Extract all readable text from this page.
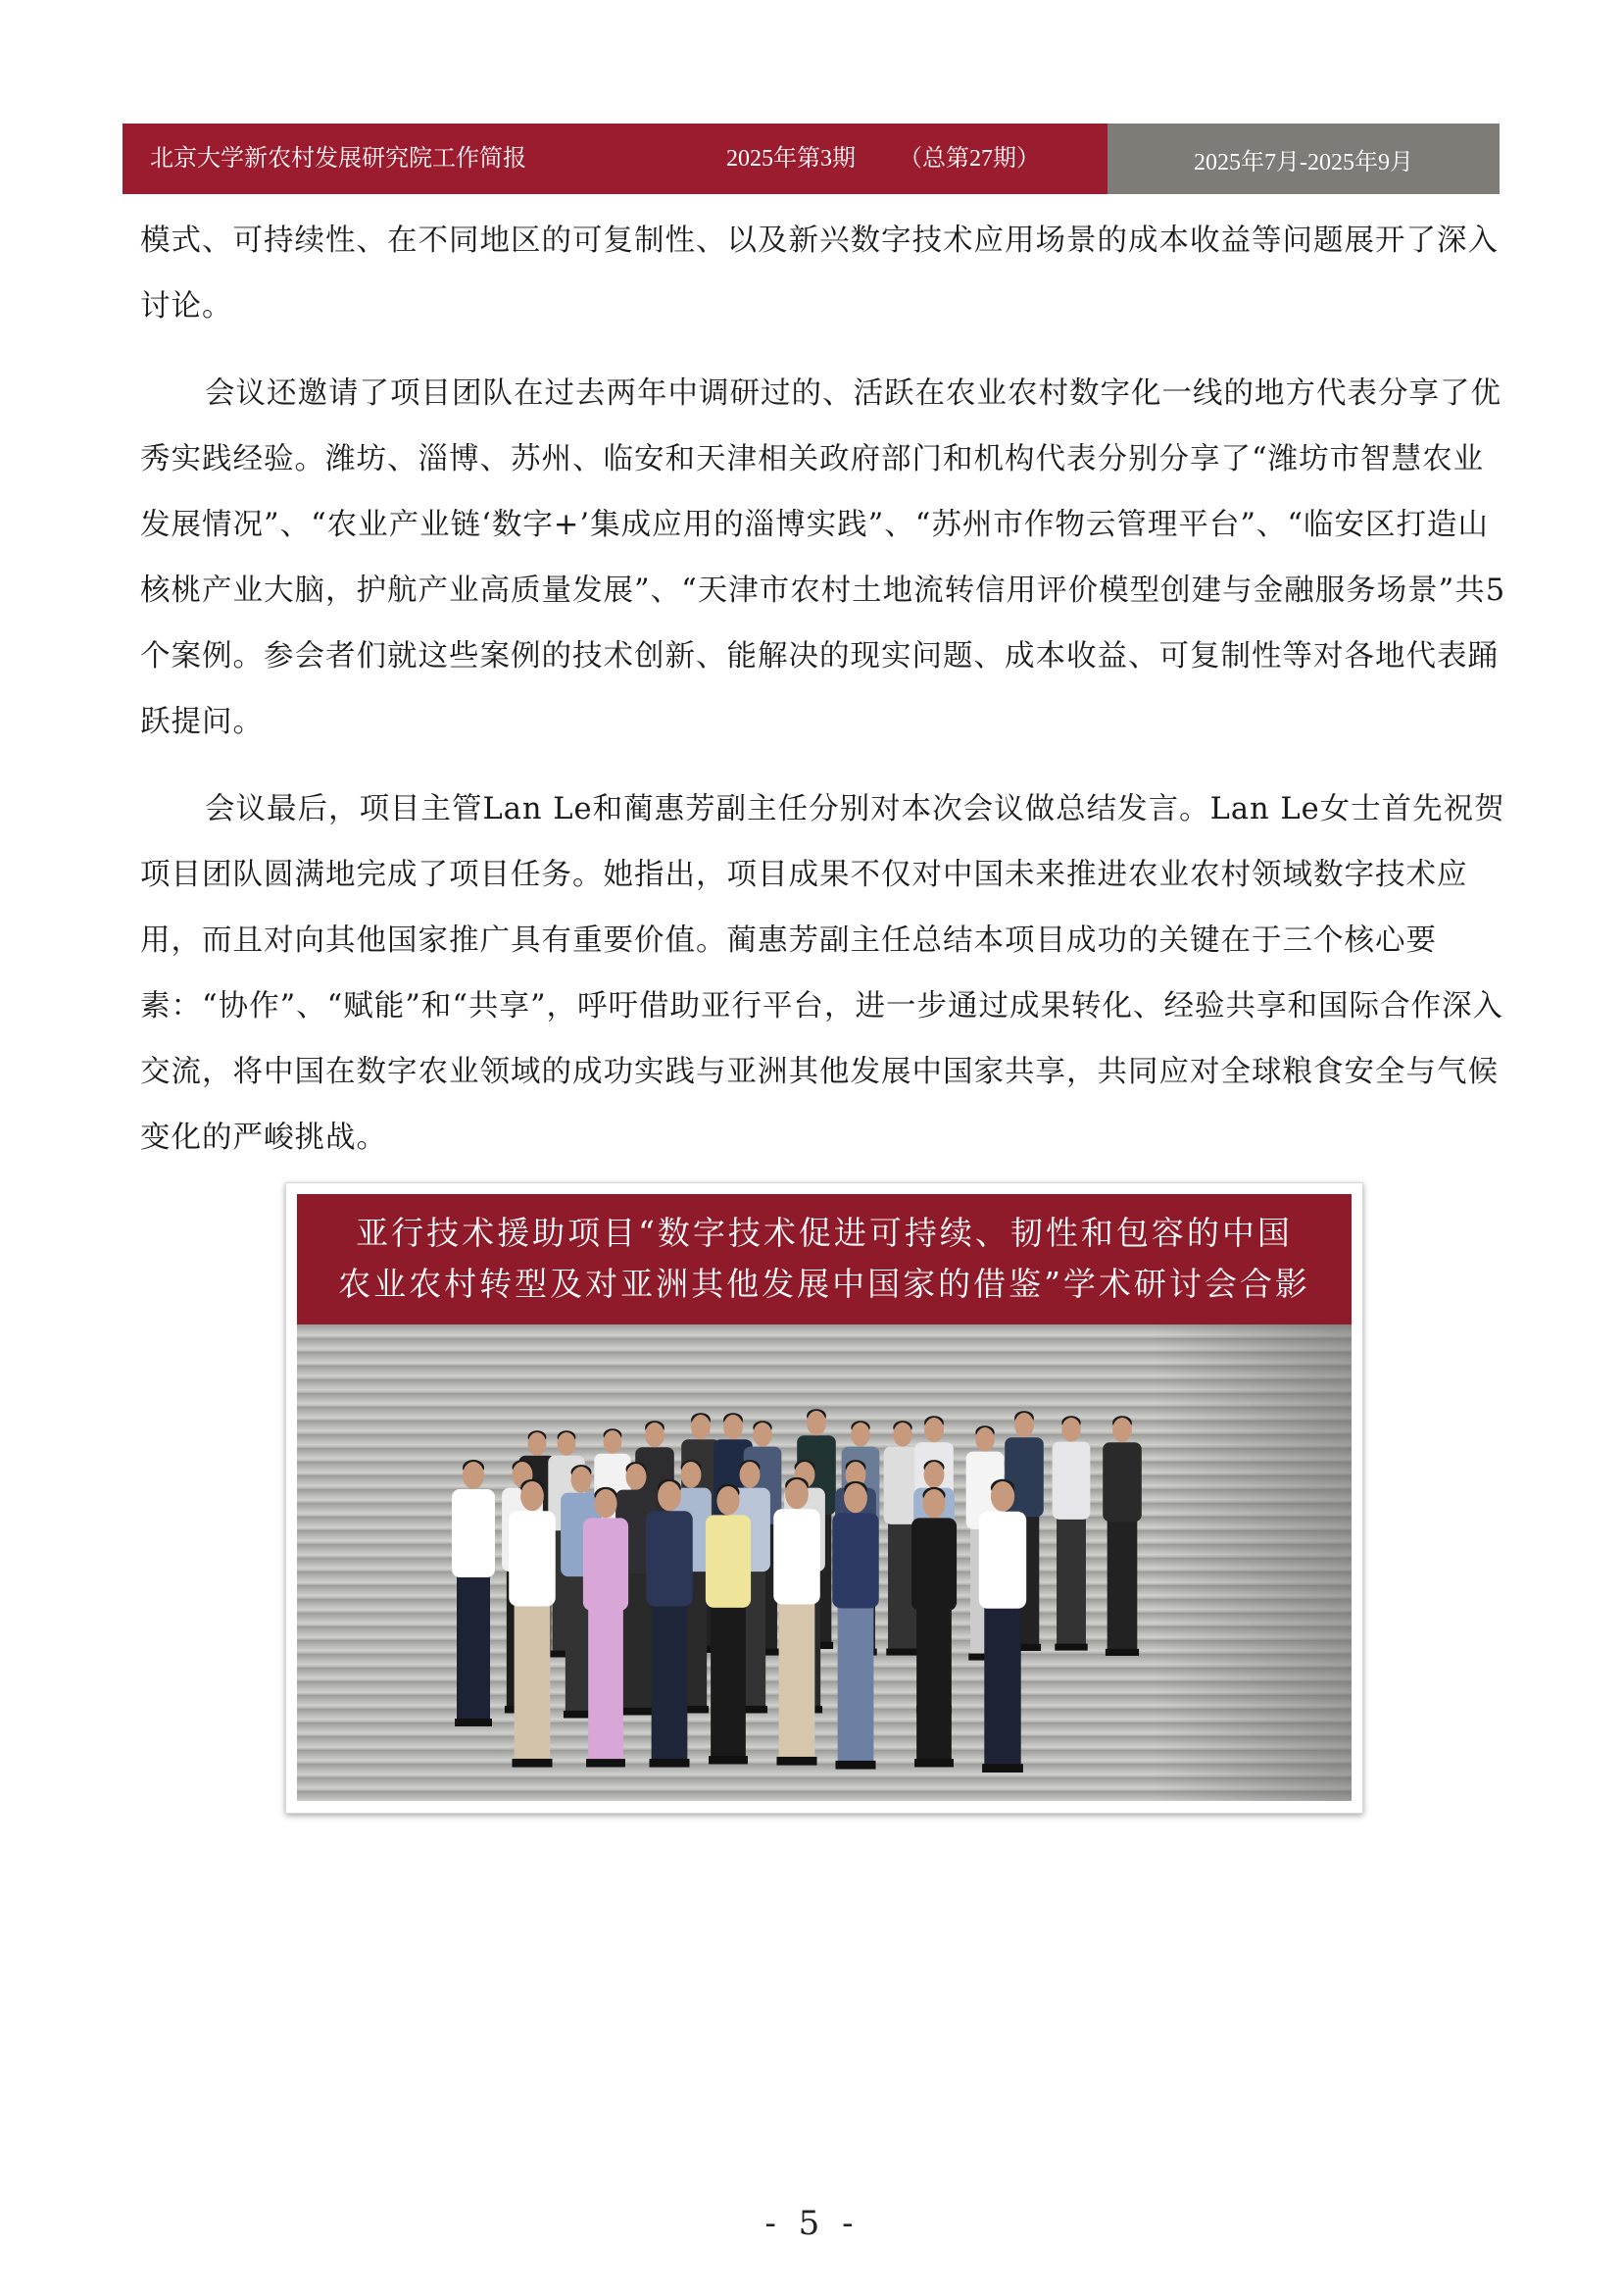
北京大学新农村发展研究院工作简报	2025年第3期 （总第27期）	2025年7月-2025年9月

模式、可持续性、在不同地区的可复制性、以及新兴数字技术应用场景的成本收益等问题展开了深入讨论。

会议还邀请了项目团队在过去两年中调研过的、活跃在农业农村数字化一线的地方代表分享了优秀实践经验。潍坊、淄博、苏州、临安和天津相关政府部门和机构代表分别分享了“潍坊市智慧农业发展情况”、“农业产业链‘数字+’集成应用的淄博实践”、“苏州市作物云管理平台”、“临安区打造山核桃产业大脑，护航产业高质量发展”、“天津市农村土地流转信用评价模型创建与金融服务场景”共5个案例。参会者们就这些案例的技术创新、能解决的现实问题、成本收益、可复制性等对各地代表踊跃提问。

会议最后，项目主管Lan Le和蔺惠芳副主任分别对本次会议做总结发言。Lan Le女士首先祝贺项目团队圆满地完成了项目任务。她指出，项目成果不仅对中国未来推进农业农村领域数字技术应用，而且对向其他国家推广具有重要价值。蔺惠芳副主任总结本项目成功的关键在于三个核心要素：“协作”、“赋能”和“共享”，呼吁借助亚行平台，进一步通过成果转化、经验共享和国际合作深入交流，将中国在数字农业领域的成功实践与亚洲其他发展中国家共享，共同应对全球粮食安全与气候变化的严峻挑战。

亚行技术援助项目“数字技术促进可持续、韧性和包容的中国
农业农村转型及对亚洲其他发展中国家的借鉴”学术研讨会合影
- 5 -
